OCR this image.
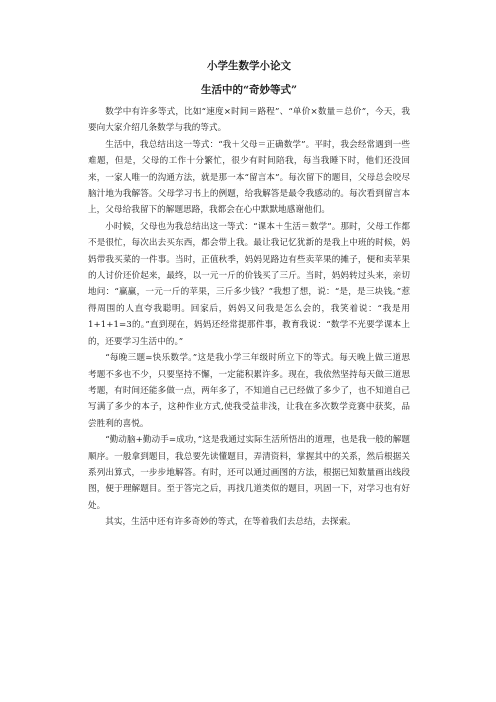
小学生数学小论文
生活中的“奇妙等式”

数学中有许多等式，比如“速度×时间＝路程”、“单价×数量＝总价”，今天，我要向大家介绍几条数学与我的等式。

生活中，我总结出这一等式：“我＋父母＝正确数学”。平时，我会经常遇到一些难题，但是，父母的工作十分繁忙，很少有时间陪我，每当我睡下时，他们还没回来，一家人唯一的沟通方法，就是那一本“留言本”。每次留下的题目，父母总会咬尽脑汁地为我解答。父母学习书上的例题，给我解答是最令我感动的。每次看到留言本上，父母给我留下的解题思路，我都会在心中默默地感谢他们。

小时候，父母也为我总结出这一等式：“课本＋生活＝数学”。那时，父母工作都不是很忙，每次出去买东西，都会带上我。最让我记忆犹新的是我上中班的时候，妈妈带我买菜的一件事。当时，正值秋季，妈妈见路边有些卖苹果的摊子，便和卖苹果的人讨价还价起来，最终，以一元一斤的价钱买了三斤。当时，妈妈转过头来，亲切地问：“赢赢，一元一斤的苹果，三斤多少钱？”我想了想，说：“是，是三块钱。”惹得周围的人直夸我聪明。回家后，妈妈又问我是怎么会的，我笑着说：“我是用1+1+1=3的。”直到现在，妈妈还经常提那件事，教育我说：“数学不光要学课本上的，还要学习生活中的。”

“每晚三题=快乐数学。”这是我小学三年级时所立下的等式。每天晚上做三道思考题不多也不少，只要坚持不懈，一定能积累许多。现在，我依然坚持每天做三道思考题，有时间还能多做一点，两年多了，不知道自己已经做了多少了，也不知道自己写满了多少的本子，这种作业方式,使我受益非浅，让我在多次数学竞赛中获奖，品尝胜利的喜悦。

“勤动脑+勤动手=成功，”这是我通过实际生活所悟出的道理，也是我一般的解题顺序。一般拿到题目，我总要先读懂题目，弄清资料，掌握其中的关系，然后根据关系列出算式，一步步地解答。有时，还可以通过画图的方法，根据已知数量画出线段图，便于理解题目。至于答完之后，再找几道类似的题目，巩固一下，对学习也有好处。

其实，生活中还有许多奇妙的等式，在等着我们去总结，去探索。
